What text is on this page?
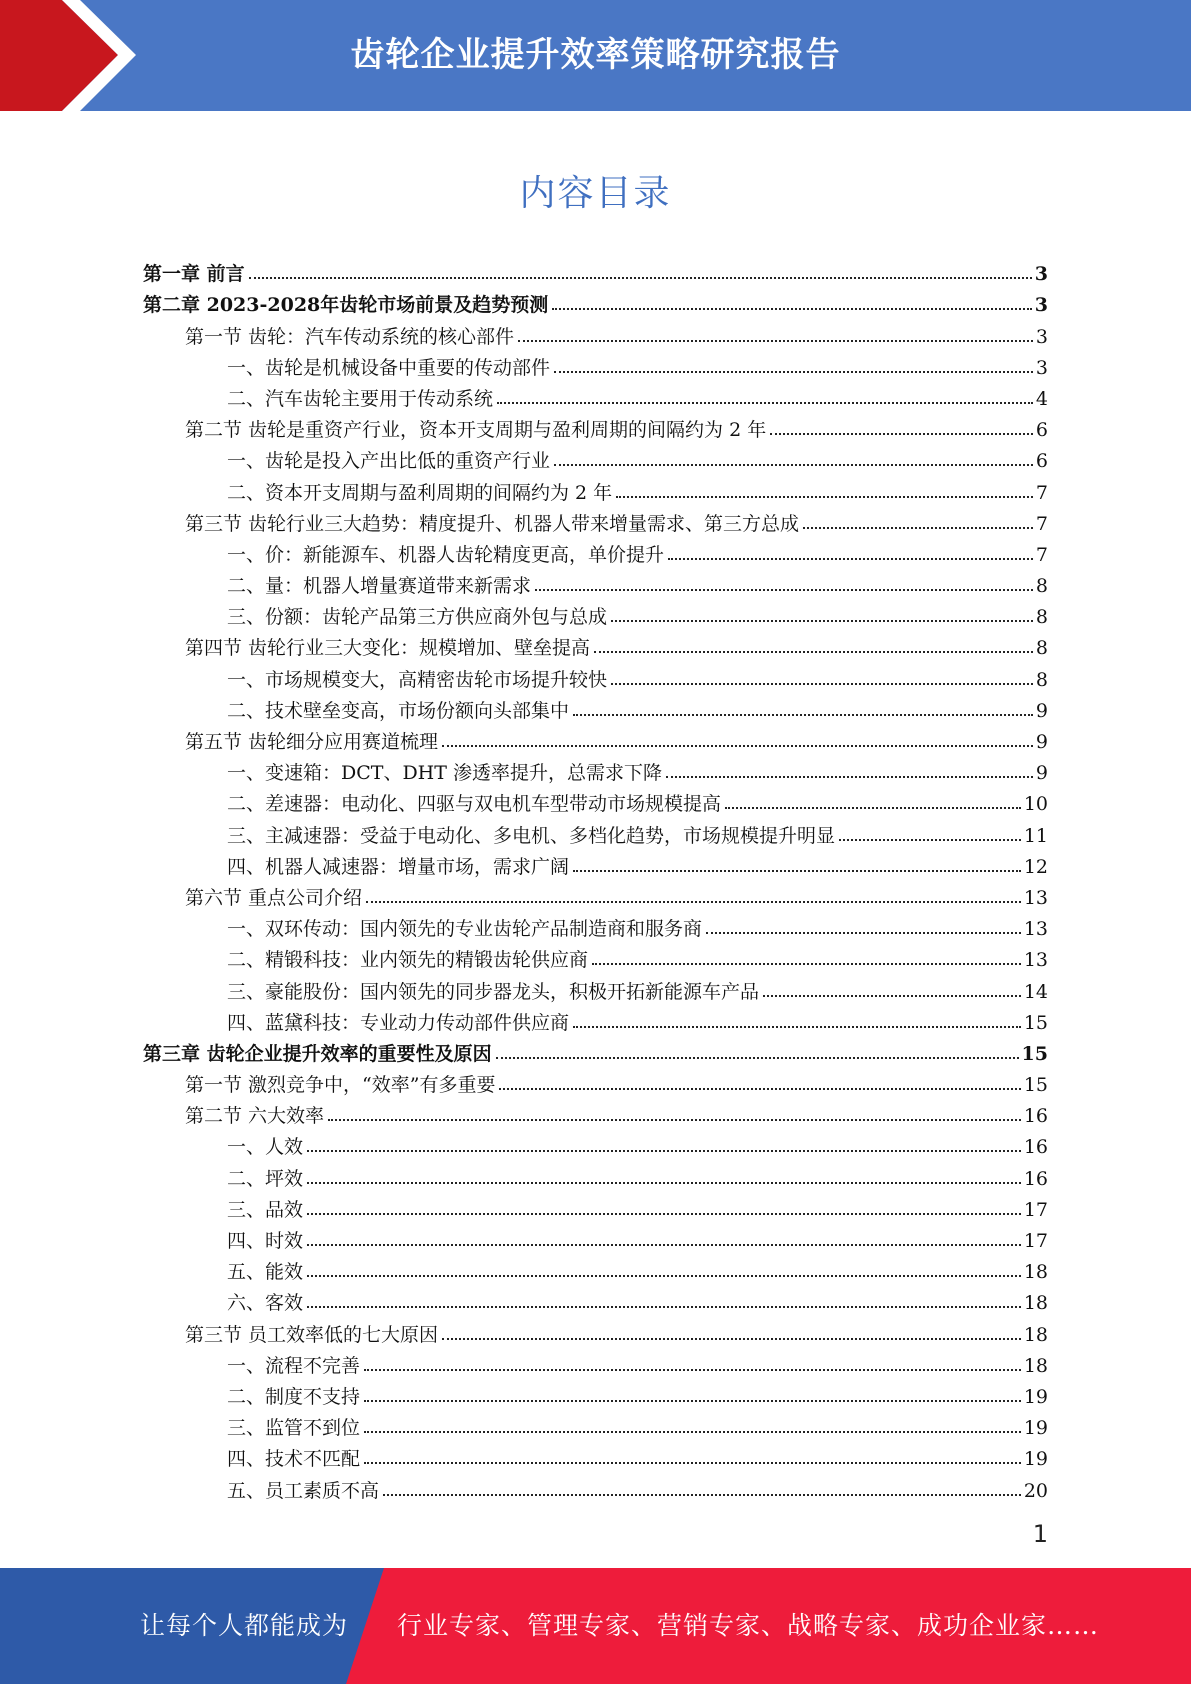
齿轮企业提升效率策略研究报告
内容目录
第一章 前言	3
第二章 2023-2028年齿轮市场前景及趋势预测	3
第一节 齿轮：汽车传动系统的核心部件	3
一、齿轮是机械设备中重要的传动部件	3
二、汽车齿轮主要用于传动系统	4
第二节 齿轮是重资产行业，资本开支周期与盈利周期的间隔约为 2 年	6
一、齿轮是投入产出比低的重资产行业	6
二、资本开支周期与盈利周期的间隔约为 2 年	7
第三节 齿轮行业三大趋势：精度提升、机器人带来增量需求、第三方总成	7
一、价：新能源车、机器人齿轮精度更高，单价提升	7
二、量：机器人增量赛道带来新需求	8
三、份额：齿轮产品第三方供应商外包与总成	8
第四节 齿轮行业三大变化：规模增加、壁垒提高	8
一、市场规模变大，高精密齿轮市场提升较快	8
二、技术壁垒变高，市场份额向头部集中	9
第五节 齿轮细分应用赛道梳理	9
一、变速箱：DCT、DHT 渗透率提升，总需求下降	9
二、差速器：电动化、四驱与双电机车型带动市场规模提高	10
三、主减速器：受益于电动化、多电机、多档化趋势，市场规模提升明显	11
四、机器人减速器：增量市场，需求广阔	12
第六节 重点公司介绍	13
一、双环传动：国内领先的专业齿轮产品制造商和服务商	13
二、精锻科技：业内领先的精锻齿轮供应商	13
三、豪能股份：国内领先的同步器龙头，积极开拓新能源车产品	14
四、蓝黛科技：专业动力传动部件供应商	15
第三章 齿轮企业提升效率的重要性及原因	15
第一节 激烈竞争中，“效率”有多重要	15
第二节 六大效率	16
一、人效	16
二、坪效	16
三、品效	17
四、时效	17
五、能效	18
六、客效	18
第三节 员工效率低的七大原因	18
一、流程不完善	18
二、制度不支持	19
三、监管不到位	19
四、技术不匹配	19
五、员工素质不高	20
1
让每个人都能成为 行业专家、管理专家、营销专家、战略专家、成功企业家……
